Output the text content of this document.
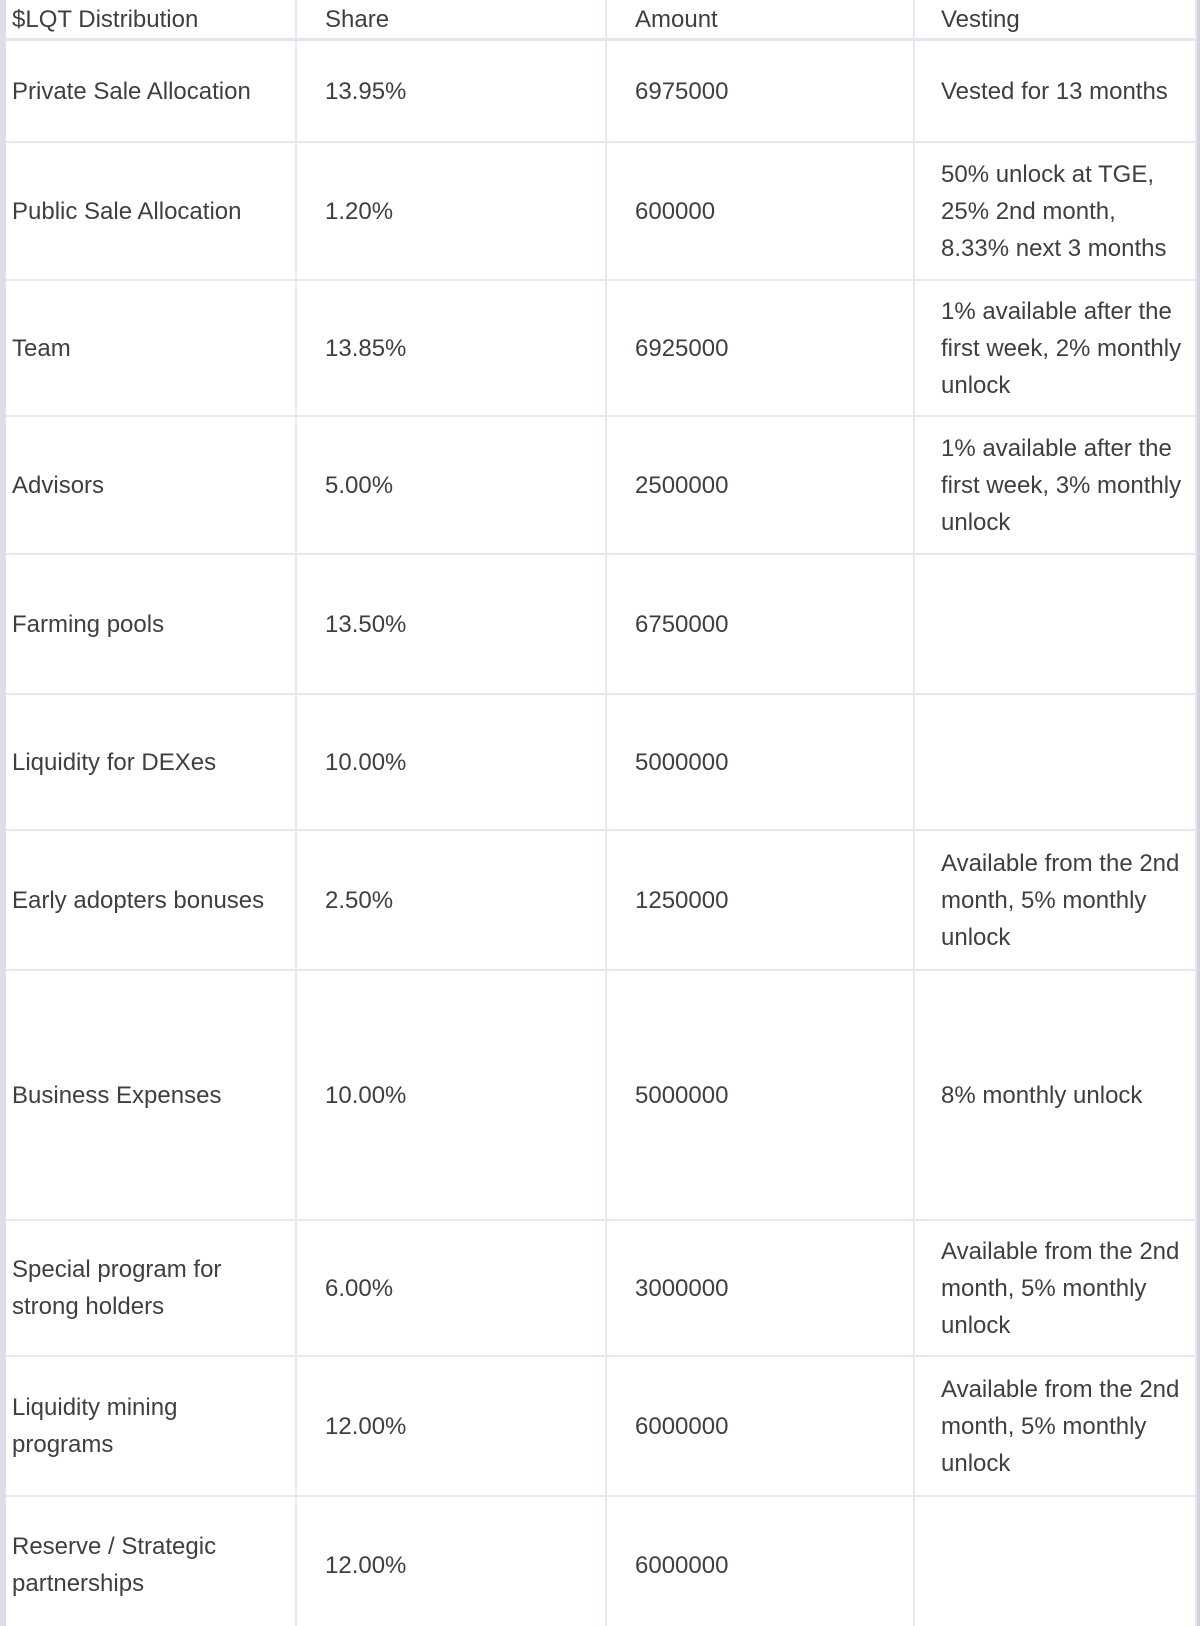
$LQT Distribution	Share	Amount	Vesting
Private Sale Allocation	13.95%	6975000	Vested for 13 months
Public Sale Allocation	1.20%	600000	50% unlock at TGE, 25% 2nd month, 8.33% next 3 months
Team	13.85%	6925000	1% available after the first week, 2% monthly unlock
Advisors	5.00%	2500000	1% available after the first week, 3% monthly unlock
Farming pools	13.50%	6750000	
Liquidity for DEXes	10.00%	5000000	
Early adopters bonuses	2.50%	1250000	Available from the 2nd month, 5% monthly unlock
Business Expenses	10.00%	5000000	8% monthly unlock
Special program for strong holders	6.00%	3000000	Available from the 2nd month, 5% monthly unlock
Liquidity mining programs	12.00%	6000000	Available from the 2nd month, 5% monthly unlock
Reserve / Strategic partnerships	12.00%	6000000	
